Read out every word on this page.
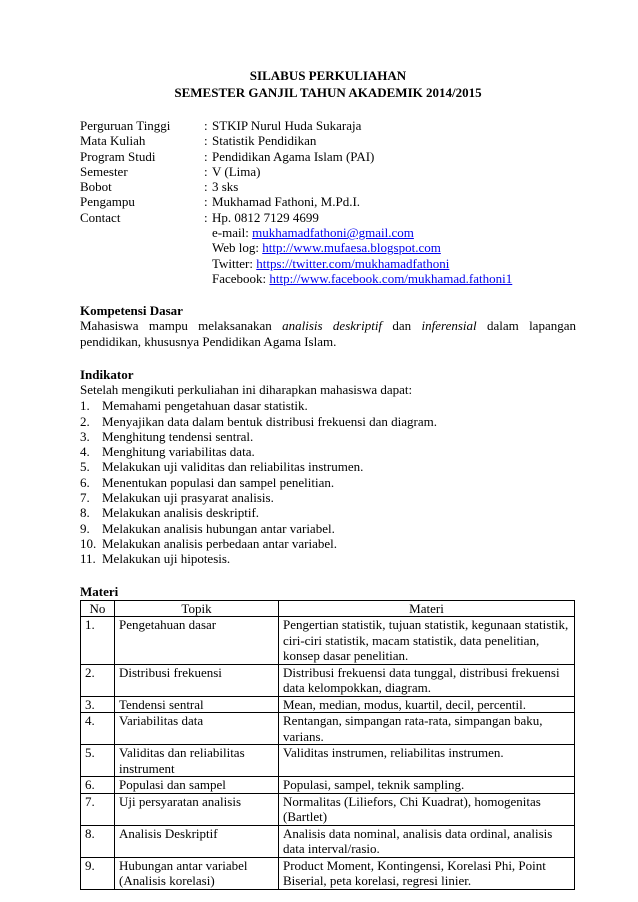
SILABUS PERKULIAHAN
SEMESTER GANJIL TAHUN AKADEMIK 2014/2015
Perguruan Tinggi	: STKIP Nurul Huda Sukaraja
Mata Kuliah	: Statistik Pendidikan
Program Studi	: Pendidikan Agama Islam (PAI)
Semester	: V (Lima)
Bobot	: 3 sks
Pengampu	: Mukhamad Fathoni, M.Pd.I.
Contact	: Hp. 0812 7129 4699
e-mail: mukhamadfathoni@gmail.com
Web log: http://www.mufaesa.blogspot.com
Twitter: https://twitter.com/mukhamadfathoni
Facebook: http://www.facebook.com/mukhamad.fathoni1
Kompetensi Dasar
Mahasiswa mampu melaksanakan analisis deskriptif dan inferensial dalam lapangan pendidikan, khususnya Pendidikan Agama Islam.
Indikator
Setelah mengikuti perkuliahan ini diharapkan mahasiswa dapat:
1. Memahami pengetahuan dasar statistik.
2. Menyajikan data dalam bentuk distribusi frekuensi dan diagram.
3. Menghitung tendensi sentral.
4. Menghitung variabilitas data.
5. Melakukan uji validitas dan reliabilitas instrumen.
6. Menentukan populasi dan sampel penelitian.
7. Melakukan uji prasyarat analisis.
8. Melakukan analisis deskriptif.
9. Melakukan analisis hubungan antar variabel.
10. Melakukan analisis perbedaan antar variabel.
11. Melakukan uji hipotesis.
Materi
No	Topik	Materi
1.	Pengetahuan dasar	Pengertian statistik, tujuan statistik, kegunaan statistik, ciri-ciri statistik, macam statistik, data penelitian, konsep dasar penelitian.
2.	Distribusi frekuensi	Distribusi frekuensi data tunggal, distribusi frekuensi data kelompokkan, diagram.
3.	Tendensi sentral	Mean, median, modus, kuartil, decil, percentil.
4.	Variabilitas data	Rentangan, simpangan rata-rata, simpangan baku, varians.
5.	Validitas dan reliabilitas instrument	Validitas instrumen, reliabilitas instrumen.
6.	Populasi dan sampel	Populasi, sampel, teknik sampling.
7.	Uji persyaratan analisis	Normalitas (Liliefors, Chi Kuadrat), homogenitas (Bartlet)
8.	Analisis Deskriptif	Analisis data nominal, analisis data ordinal, analisis data interval/rasio.
9.	Hubungan antar variabel (Analisis korelasi)	Product Moment, Kontingensi, Korelasi Phi, Point Biserial, peta korelasi, regresi linier.
